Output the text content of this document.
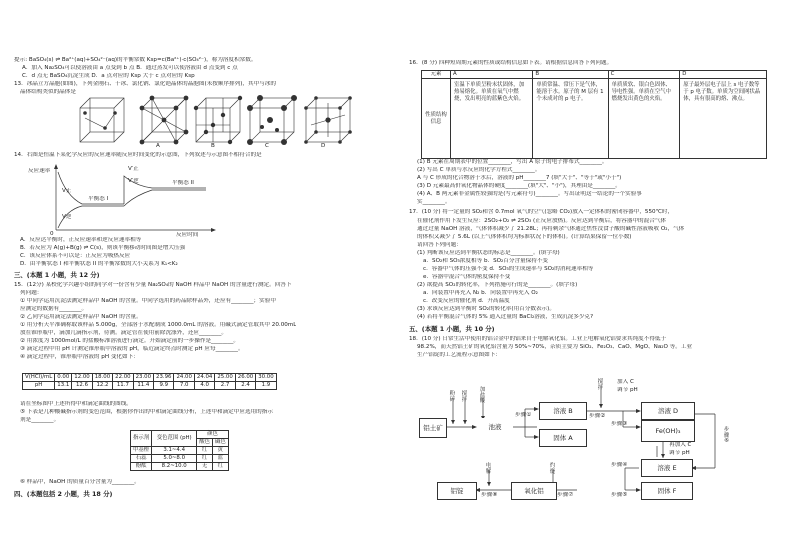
提示: BaSO₄(s) ⇌ Ba²⁺(aq)+SO₄²⁻(aq)的平衡常数 Ksp=c(Ba²⁺)·c(SO₄²⁻)，称为溶度积常数。
A．加入 Na₂SO₄可以使溶液由 a 点变到 b 点 B．通过蒸发可以使溶液由 d 点变到 c 点
C．d 点无 BaSO₄沉淀生成 D．a 点对应的 Ksp 大于 c 点对应的 Ksp
13．冰晶立方晶胞(如图)，下列金刚石、干冰、氯化钠、氯化铯晶体的晶胞图(未按顺序排列)，其中与冰的
晶体结构类似的晶体是
A	B	C	D
14．右图是恒温下某化学反应的反应速率随反应时间变化的示意图，下列叙述与示意图不相符合的是
反应速率
反应时间
0
V′正
V′逆
V正
V逆
平衡态 I
平衡态 II
A．反应达平衡时，正反应速率和逆反应速率相等
B．若反应为 A(g)+B(g) ⇌ C(s)，则该平衡移动时间图是增大压强
C．该反应体系不可以是：正反应为吸热反应
D．由平衡状态 I 和平衡状态 II 的平衡常数的大小关系为 K₁<K₂
三、(本题 1 小题，共 12 分)
15．(12分) 某校化学兴趣小组的同学对一份含有少量 Na₂SO₄的 NaOH 样品中 NaOH 的含量进行测定。回答下
列问题：
① 甲同学运用沉淀法测定样品中 NaOH 的含量。甲同学选用的药品除样品外，还应有________；实验中
应测定的数据有________。
② 乙同学运用滴定法测定样品中 NaOH 的含量。
① 用分析天平准确称取该样品 5.000g，全部溶于水配制成 1000.0mL 的溶液。用碱式滴定管取其中 20.00mL
放在锥形瓶中，滴加几滴指示剂，待测。滴定管在使用前除洗涤外，还应________。
② 用浓度为 1000mol/L 的盐酸标准溶液进行滴定。开始滴定前的一步操作是________。
③ 滴定过程中用 pH 计测定锥形瓶中溶液的 pH，临近滴定终点时测定 pH 应每________。
④ 滴定过程中，锥形瓶中溶液的 pH 变化如下：
V(HCl)/mL	0.00	12.00	18.00	22.00	23.00	23.96	24.00	24.04	25.00	26.00	30.00
pH	13.1	12.6	12.2	11.7	11.4	9.9	7.0	4.0	2.7	2.4	1.9
请在坐标图中上述所得中和滴定曲线的图线。
⑤ 下表是几种酸碱指示剂的变色范围，根据你作出的中和滴定曲线分析，上述中和滴定中应选用的指示
剂是________。
指示剂	变色范围 (pH)	颜色	
		酸色	碱色
甲基橙	3.1~4.4	红	黄
石蕊	5.0~8.0	红	蓝
酚酞	8.2~10.0	无	红
⑥ 样品中，NaOH 的质量百分含量为________。
四、(本题包括 2 小题，共 18 分)
16．(8 分) 四种短周期元素的性质或结构信息如下表。请根据信息回答下列问题。
元素	A	B	C	D
性质结构信息	室温下单质呈粉末状固体，加热易熔化。单质在氧气中燃烧，发出明亮的蓝紫色火焰。	单质常温、常压下是气体，能溶于水。原子的 M 层有 1 个未成对的 p 电子。	单质质软、银白色固体、导电性强。单质在空气中燃烧发出黄色的火焰。	原子最外层电子层上 s 电子数等于 p 电子数。单质为空间网状晶体，具有很高的熔、沸点。
(1) B 元素在周期表中的位置________，写出 A 原子的电子排布式________。
(2) 写出 C 单质与水反应的化学方程式________。
A 与 C 形成的化合物溶于水后，溶液的 pH________7 (填"大于"、"等于"或"小于")
(3) D 元素最高价氧化物晶体的硬度________(填"大"、"小")，其理由是________。
(4) A、B 两元素非金属性较强的是(写元素符号)________。写出证明这一结论的一个实验事
实________。
17．(10 分) 将一定量的 SO₂和含 0.7mol 氧气的空气(忽略 CO₂)放入一定体积的密闭容器中，550℃时，
在催化剂作用下发生反应：2SO₂+O₂ ⇌ 2SO₃ (正反应放热)。反应达到平衡后，将容器中的混合气体
通过过量 NaOH 溶液，气体体积减少了 21.28L；再将剩余气体通过焦性没食子酸的碱性溶液吸收 O₂，气体
的体积又减少了 5.6L (以上气体体积均为标准状况下的体积)。(计算结果保留一位小数)
请回答下列问题：
(1) 判断该反应达到平衡状态的标志是________。(填字母)
a．SO₂和 SO₃浓度相等 b．SO₂百分含量保持不变
c．容器中气体的压强不变 d．SO₃的生成速率与 SO₂的消耗速率相等
e．容器中混合气体的密度保持不变
(2) 欲提高 SO₂的转化率，下列措施可行的是________。(填字母)
a．向装置中再充入 N₂ b．向装置中再充入 O₂
c．改变反应的催化剂 d．升高温度
(3) 求该反应达到平衡时 SO₂的转化率(用百分数表示)。
(4) 若将平衡混合气体的 5% 通入过量的 BaCl₂溶液，生成沉淀多少克?
五、(本题 1 小题，共 10 分)
18．(10 分) 日常生活中使用的铝合金中的铝来自于电解氧化铝。工业上电解氧化铝要求其纯度不得低于
98.2%，而天然铝土矿的氧化铝含量为 50%~70%，杂质主要为 SiO₂、Fe₂O₃、CaO、MgO、Na₂O 等。工业
生产铝锭的工艺流程示意图如下：
铝土矿	池液
溶液 B
固体 A
溶液 D
Fe(OH)₃
溶液 E
固体 F
氧化铝
铝锭
粉碎
搅拌
加盐酸
搅拌
灼烧
电解
步骤⑥
加入 C
调节 pH
再加入 C
调节 pH
步骤①	步骤②
步骤③
步骤④
步骤⑤
步骤⑦
步骤⑧
